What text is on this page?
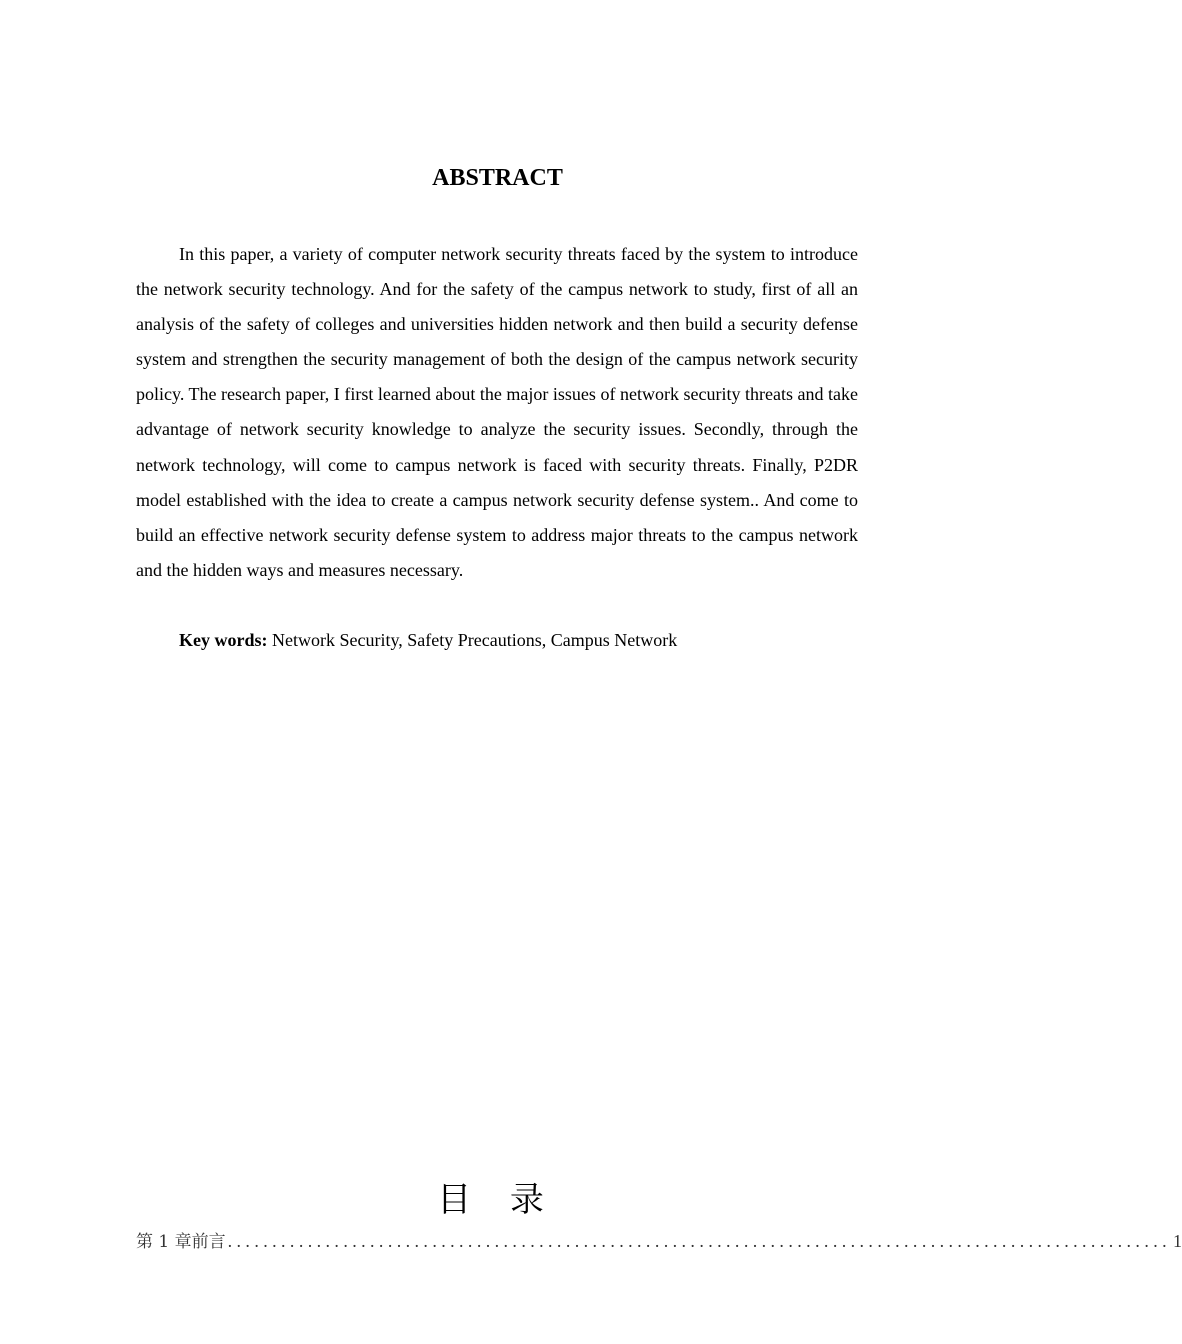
ABSTRACT

In this paper, a variety of computer network security threats faced by the system to introduce the network security technology. And for the safety of the campus network to study, first of all an analysis of the safety of colleges and universities hidden network and then build a security defense system and strengthen the security management of both the design of the campus network security policy. The research paper, I first learned about the major issues of network security threats and take advantage of network security knowledge to analyze the security issues. Secondly, through the network technology, will come to campus network is faced with security threats. Finally, P2DR model established with the idea to create a campus network security defense system.. And come to build an effective network security defense system to address major threats to the campus network and the hidden ways and measures necessary.

Key words: Network Security, Safety Precautions, Campus Network

目 录
第 1 章 前言 .......................................................................................................... 1
